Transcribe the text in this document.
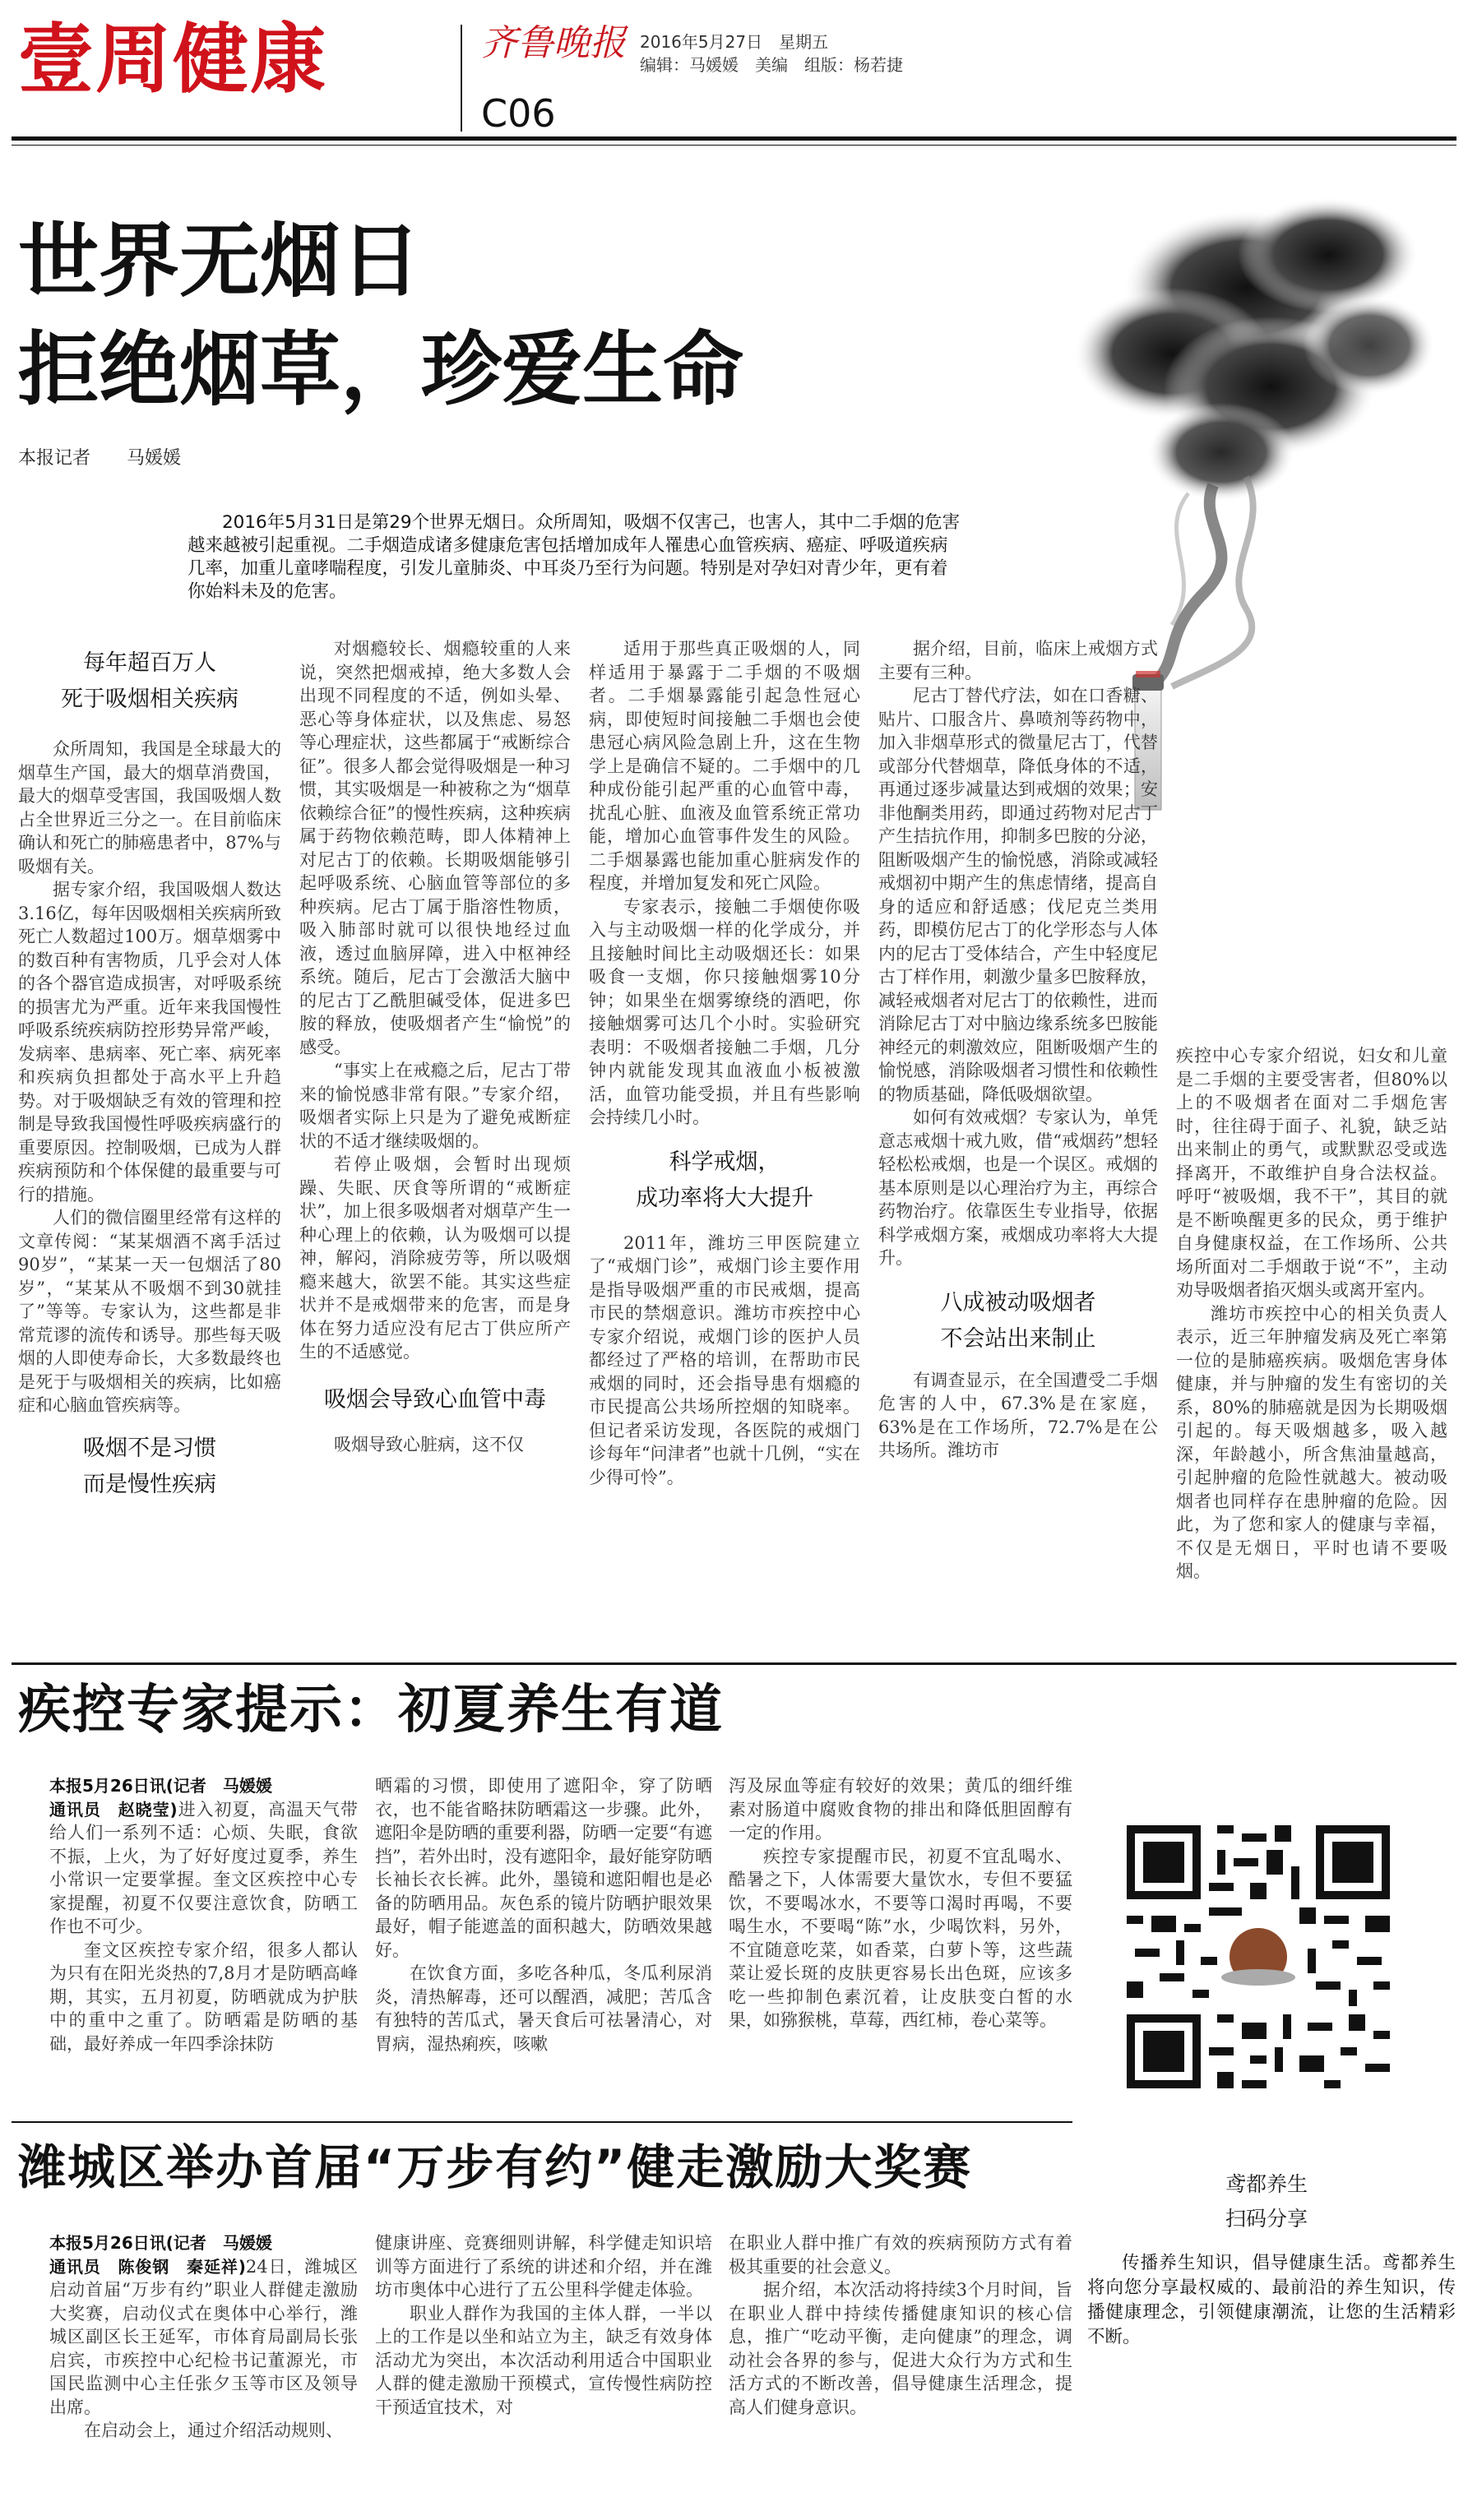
壹周健康	齐鲁晚报
C06
2016年5月27日　星期五
编辑：马媛媛　美编　组版：杨若捷
世界无烟日
拒绝烟草，珍爱生命
本报记者　　马媛媛
2016年5月31日是第29个世界无烟日。众所周知，吸烟不仅害己，也害人，其中二手烟的危害越来越被引起重视。二手烟造成诸多健康危害包括增加成年人罹患心血管疾病、癌症、呼吸道疾病几率，加重儿童哮喘程度，引发儿童肺炎、中耳炎乃至行为问题。特别是对孕妇对青少年，更有着你始料未及的危害。
每年超百万人
死于吸烟相关疾病

众所周知，我国是全球最大的烟草生产国，最大的烟草消费国，最大的烟草受害国，我国吸烟人数占全世界近三分之一。在目前临床确认和死亡的肺癌患者中，87%与吸烟有关。

据专家介绍，我国吸烟人数达3.16亿，每年因吸烟相关疾病所致死亡人数超过100万。烟草烟雾中的数百种有害物质，几乎会对人体的各个器官造成损害，对呼吸系统的损害尤为严重。近年来我国慢性呼吸系统疾病防控形势异常严峻，发病率、患病率、死亡率、病死率和疾病负担都处于高水平上升趋势。对于吸烟缺乏有效的管理和控制是导致我国慢性呼吸疾病盛行的重要原因。控制吸烟，已成为人群疾病预防和个体保健的最重要与可行的措施。

人们的微信圈里经常有这样的文章传阅：“某某烟酒不离手活过90岁”，“某某一天一包烟活了80岁”，“某某从不吸烟不到30就挂了”等等。专家认为，这些都是非常荒谬的流传和诱导。那些每天吸烟的人即使寿命长，大多数最终也是死于与吸烟相关的疾病，比如癌症和心脑血管疾病等。

吸烟不是习惯
而是慢性疾病

对烟瘾较长、烟瘾较重的人来说，突然把烟戒掉，绝大多数人会出现不同程度的不适，例如头晕、恶心等身体症状，以及焦虑、易怒等心理症状，这些都属于“戒断综合征”。很多人都会觉得吸烟是一种习惯，其实吸烟是一种被称之为“烟草依赖综合征”的慢性疾病，这种疾病属于药物依赖范畴，即人体精神上对尼古丁的依赖。长期吸烟能够引起呼吸系统、心脑血管等部位的多种疾病。尼古丁属于脂溶性物质，吸入肺部时就可以很快地经过血液，透过血脑屏障，进入中枢神经系统。随后，尼古丁会激活大脑中的尼古丁乙酰胆碱受体，促进多巴胺的释放，使吸烟者产生“愉悦”的感受。

“事实上在戒瘾之后，尼古丁带来的愉悦感非常有限。”专家介绍，吸烟者实际上只是为了避免戒断症状的不适才继续吸烟的。

若停止吸烟，会暂时出现烦躁、失眠、厌食等所谓的“戒断症状”，加上很多吸烟者对烟草产生一种心理上的依赖，认为吸烟可以提神，解闷，消除疲劳等，所以吸烟瘾来越大，欲罢不能。其实这些症状并不是戒烟带来的危害，而是身体在努力适应没有尼古丁供应所产生的不适感觉。

吸烟会导致心血管中毒

吸烟导致心脏病，这不仅

适用于那些真正吸烟的人，同样适用于暴露于二手烟的不吸烟者。二手烟暴露能引起急性冠心病，即使短时间接触二手烟也会使患冠心病风险急剧上升，这在生物学上是确信不疑的。二手烟中的几种成份能引起严重的心血管中毒，扰乱心脏、血液及血管系统正常功能，增加心血管事件发生的风险。二手烟暴露也能加重心脏病发作的程度，并增加复发和死亡风险。

专家表示，接触二手烟使你吸入与主动吸烟一样的化学成分，并且接触时间比主动吸烟还长：如果吸食一支烟，你只接触烟雾10分钟；如果坐在烟雾缭绕的酒吧，你接触烟雾可达几个小时。实验研究表明：不吸烟者接触二手烟，几分钟内就能发现其血液血小板被激活，血管功能受损，并且有些影响会持续几小时。

科学戒烟，
成功率将大大提升

2011年，潍坊三甲医院建立了“戒烟门诊”，戒烟门诊主要作用是指导吸烟严重的市民戒烟，提高市民的禁烟意识。潍坊市疾控中心专家介绍说，戒烟门诊的医护人员都经过了严格的培训，在帮助市民戒烟的同时，还会指导患有烟瘾的市民提高公共场所控烟的知晓率。但记者采访发现，各医院的戒烟门诊每年“问津者”也就十几例，“实在少得可怜”。

据介绍，目前，临床上戒烟方式主要有三种。

尼古丁替代疗法，如在口香糖、贴片、口服含片、鼻喷剂等药物中，加入非烟草形式的微量尼古丁，代替或部分代替烟草，降低身体的不适，再通过逐步减量达到戒烟的效果；安非他酮类用药，即通过药物对尼古丁产生拮抗作用，抑制多巴胺的分泌，阻断吸烟产生的愉悦感，消除或减轻戒烟初中期产生的焦虑情绪，提高自身的适应和舒适感；伐尼克兰类用药，即模仿尼古丁的化学形态与人体内的尼古丁受体结合，产生中轻度尼古丁样作用，刺激少量多巴胺释放，减轻戒烟者对尼古丁的依赖性，进而消除尼古丁对中脑边缘系统多巴胺能神经元的刺激效应，阻断吸烟产生的愉悦感，消除吸烟者习惯性和依赖性的物质基础，降低吸烟欲望。

如何有效戒烟？专家认为，单凭意志戒烟十戒九败，借“戒烟药”想轻轻松松戒烟，也是一个误区。戒烟的基本原则是以心理治疗为主，再综合药物治疗。依靠医生专业指导，依据科学戒烟方案，戒烟成功率将大大提升。

八成被动吸烟者
不会站出来制止

有调查显示，在全国遭受二手烟危害的人中，67.3%是在家庭，63%是在工作场所，72.7%是在公共场所。潍坊市

疾控中心专家介绍说，妇女和儿童是二手烟的主要受害者，但80%以上的不吸烟者在面对二手烟危害时，往往碍于面子、礼貌，缺乏站出来制止的勇气，或默默忍受或选择离开，不敢维护自身合法权益。呼吁“被吸烟，我不干”，其目的就是不断唤醒更多的民众，勇于维护自身健康权益，在工作场所、公共场所面对二手烟敢于说“不”，主动劝导吸烟者掐灭烟头或离开室内。

潍坊市疾控中心的相关负责人表示，近三年肿瘤发病及死亡率第一位的是肺癌疾病。吸烟危害身体健康，并与肿瘤的发生有密切的关系，80%的肺癌就是因为长期吸烟引起的。每天吸烟越多，吸入越深，年龄越小，所含焦油量越高，引起肿瘤的危险性就越大。被动吸烟者也同样存在患肿瘤的危险。因此，为了您和家人的健康与幸福，不仅是无烟日，平时也请不要吸烟。

疾控专家提示：初夏养生有道
本报5月26日讯(记者　马媛媛
通讯员　赵晓莹)进入初夏，高温天气带给人们一系列不适：心烦、失眠，食欲不振，上火，为了好好度过夏季，养生小常识一定要掌握。奎文区疾控中心专家提醒，初夏不仅要注意饮食，防晒工作也不可少。

奎文区疾控专家介绍，很多人都认为只有在阳光炎热的7,8月才是防晒高峰期，其实，五月初夏，防晒就成为护肤中的重中之重了。防晒霜是防晒的基础，最好养成一年四季涂抹防

晒霜的习惯，即使用了遮阳伞，穿了防晒衣，也不能省略抹防晒霜这一步骤。此外，遮阳伞是防晒的重要利器，防晒一定要“有遮挡”，若外出时，没有遮阳伞，最好能穿防晒长袖长衣长裤。此外，墨镜和遮阳帽也是必备的防晒用品。灰色系的镜片防晒护眼效果最好，帽子能遮盖的面积越大，防晒效果越好。

在饮食方面，多吃各种瓜，冬瓜利尿消炎，清热解毒，还可以醒酒，减肥；苦瓜含有独特的苦瓜式，暑天食后可祛暑清心，对胃病，湿热痢疾，咳嗽

泻及尿血等症有较好的效果；黄瓜的细纤维素对肠道中腐败食物的排出和降低胆固醇有一定的作用。

疾控专家提醒市民，初夏不宜乱喝水、酷暑之下，人体需要大量饮水，专但不要猛饮，不要喝冰水，不要等口渴时再喝，不要喝生水，不要喝“陈”水，少喝饮料，另外，不宜随意吃菜，如香菜，白萝卜等，这些蔬菜让爱长斑的皮肤更容易长出色斑，应该多吃一些抑制色素沉着，让皮肤变白皙的水果，如猕猴桃，草莓，西红柿，卷心菜等。

潍城区举办首届“万步有约”健走激励大奖赛
本报5月26日讯(记者　马媛媛
通讯员　陈俊钢　秦延祥)24日，潍城区启动首届“万步有约”职业人群健走激励大奖赛，启动仪式在奥体中心举行，潍城区副区长王延军，市体育局副局长张启宾，市疾控中心纪检书记董源光，市国民监测中心主任张夕玉等市区及领导出席。

在启动会上，通过介绍活动规则、

健康讲座、竞赛细则讲解，科学健走知识培训等方面进行了系统的讲述和介绍，并在潍坊市奥体中心进行了五公里科学健走体验。

职业人群作为我国的主体人群，一半以上的工作是以坐和站立为主，缺乏有效身体活动尤为突出，本次活动利用适合中国职业人群的健走激励干预模式，宣传慢性病防控干预适宜技术，对

在职业人群中推广有效的疾病预防方式有着极其重要的社会意义。

据介绍，本次活动将持续3个月时间，旨在职业人群中持续传播健康知识的核心信息，推广“吃动平衡，走向健康”的理念，调动社会各界的参与，促进大众行为方式和生活方式的不断改善，倡导健康生活理念，提高人们健身意识。

鸢都养生
扫码分享
传播养生知识，倡导健康生活。鸢都养生将向您分享最权威的、最前沿的养生知识，传播健康理念，引领健康潮流，让您的生活精彩不断。
